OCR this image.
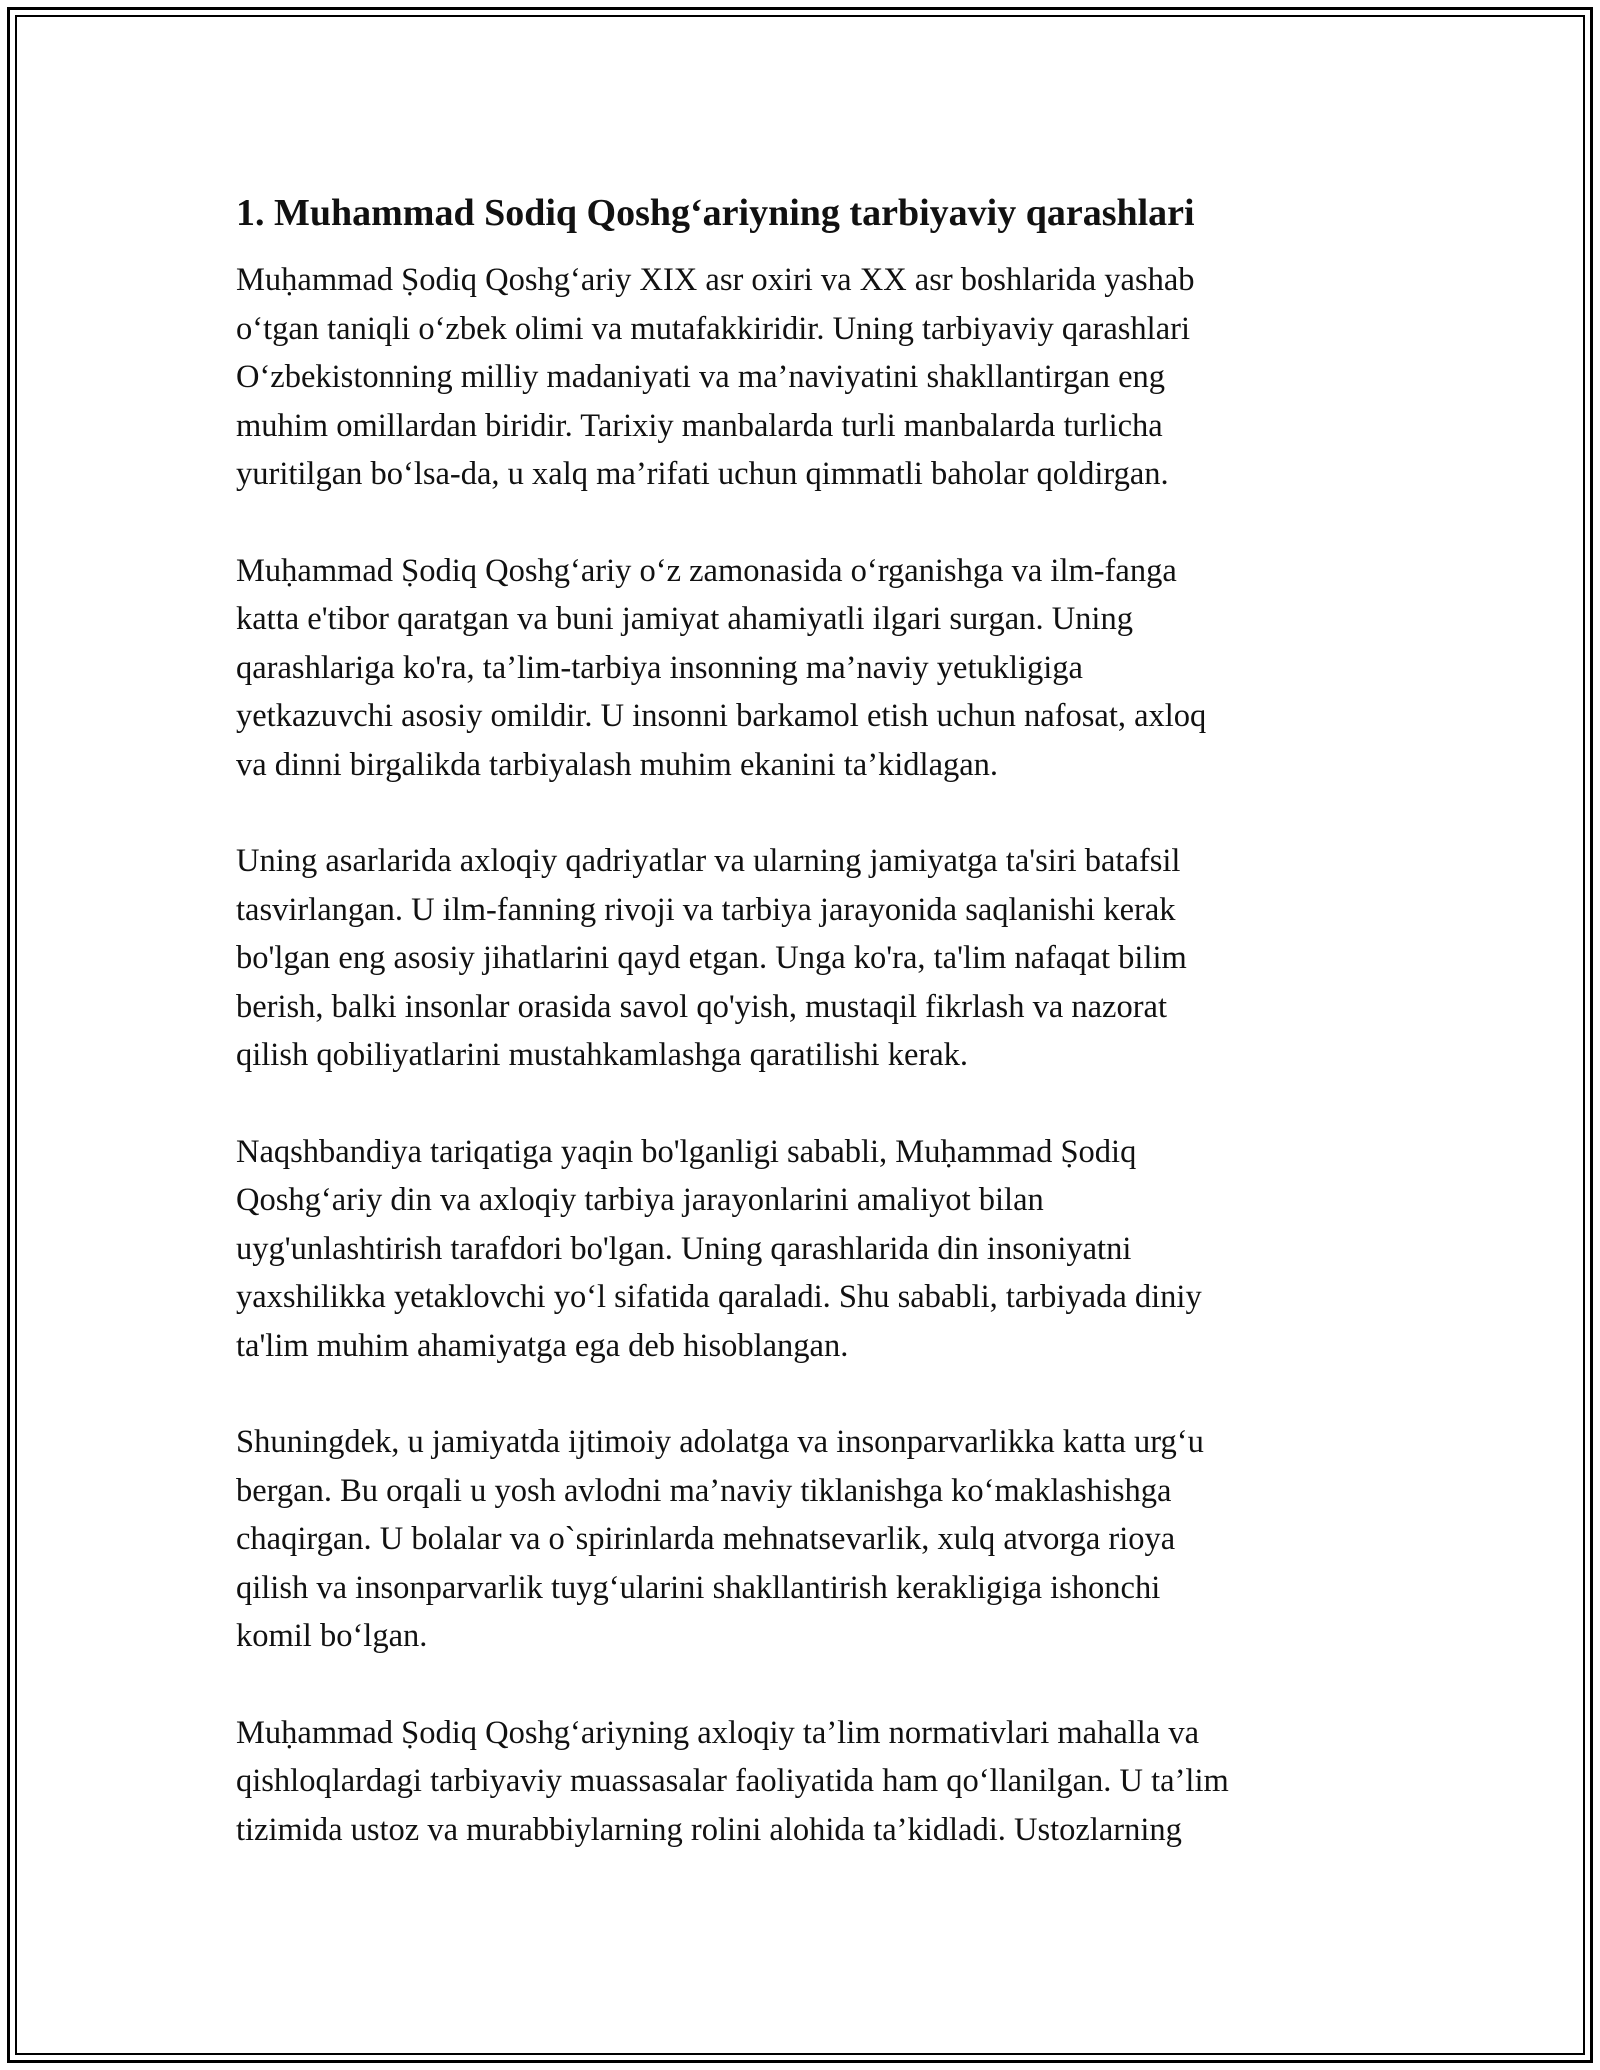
1. Muhammad Sodiq Qoshg‘ariyning tarbiyaviy qarashlari

Muḥammad Ṣodiq Qoshg‘ariy XIX asr oxiri va XX asr boshlarida yashab
o‘tgan taniqli o‘zbek olimi va mutafakkiridir. Uning tarbiyaviy qarashlari
O‘zbekistonning milliy madaniyati va ma’naviyatini shakllantirgan eng
muhim omillardan biridir. Tarixiy manbalarda turli manbalarda turlicha
yuritilgan bo‘lsa-da, u xalq ma’rifati uchun qimmatli baholar qoldirgan.

Muḥammad Ṣodiq Qoshg‘ariy o‘z zamonasida o‘rganishga va ilm-fanga
katta e'tibor qaratgan va buni jamiyat ahamiyatli ilgari surgan. Uning
qarashlariga ko'ra, ta’lim-tarbiya insonning ma’naviy yetukligiga
yetkazuvchi asosiy omildir. U insonni barkamol etish uchun nafosat, axloq
va dinni birgalikda tarbiyalash muhim ekanini ta’kidlagan.

Uning asarlarida axloqiy qadriyatlar va ularning jamiyatga ta'siri batafsil
tasvirlangan. U ilm-fanning rivoji va tarbiya jarayonida saqlanishi kerak
bo'lgan eng asosiy jihatlarini qayd etgan. Unga ko'ra, ta'lim nafaqat bilim
berish, balki insonlar orasida savol qo'yish, mustaqil fikrlash va nazorat
qilish qobiliyatlarini mustahkamlashga qaratilishi kerak.

Naqshbandiya tariqatiga yaqin bo'lganligi sababli, Muḥammad Ṣodiq
Qoshg‘ariy din va axloqiy tarbiya jarayonlarini amaliyot bilan
uyg'unlashtirish tarafdori bo'lgan. Uning qarashlarida din insoniyatni
yaxshilikka yetaklovchi yo‘l sifatida qaraladi. Shu sababli, tarbiyada diniy
ta'lim muhim ahamiyatga ega deb hisoblangan.

Shuningdek, u jamiyatda ijtimoiy adolatga va insonparvarlikka katta urg‘u
bergan. Bu orqali u yosh avlodni ma’naviy tiklanishga ko‘maklashishga
chaqirgan. U bolalar va o`spirinlarda mehnatsevarlik, xulq atvorga rioya
qilish va insonparvarlik tuyg‘ularini shakllantirish kerakligiga ishonchi
komil bo‘lgan.

Muḥammad Ṣodiq Qoshg‘ariyning axloqiy ta’lim normativlari mahalla va
qishloqlardagi tarbiyaviy muassasalar faoliyatida ham qo‘llanilgan. U ta’lim
tizimida ustoz va murabbiylarning rolini alohida ta’kidladi. Ustozlarning
